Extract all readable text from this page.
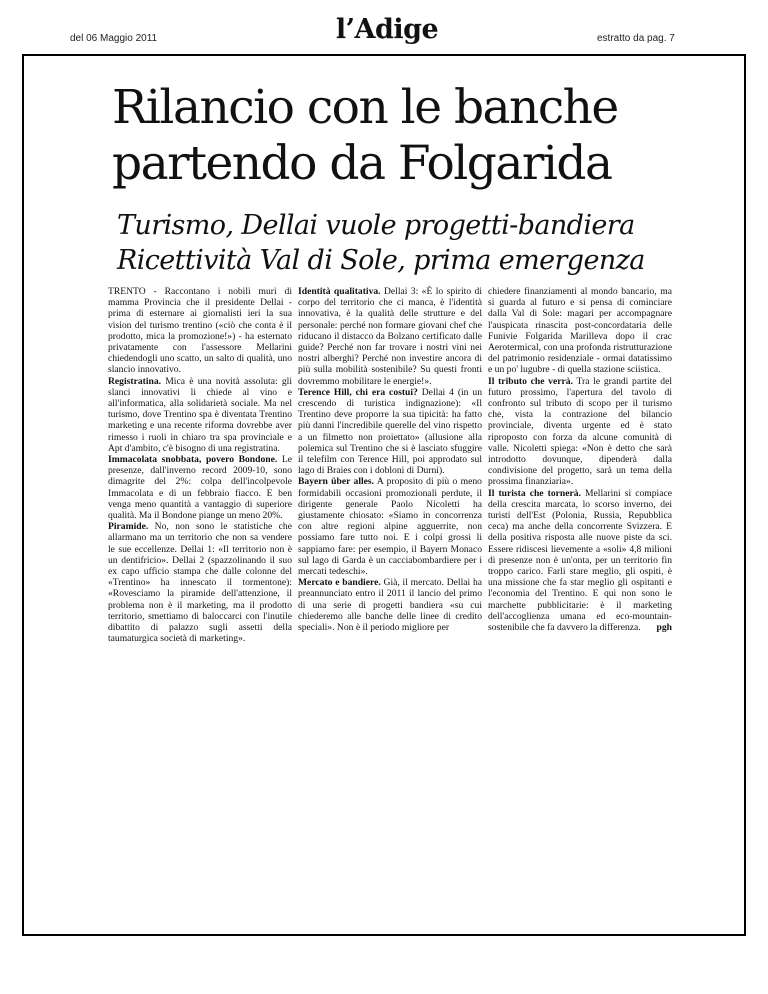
del 06 Maggio 2011	l’Adige	estratto da pag. 7
Rilancio con le banche
partendo da Folgarida
Turismo, Dellai vuole progetti-bandiera
Ricettività Val di Sole, prima emergenza

TRENTO - Raccontano i nobili muri di mamma Provincia che il presidente Dellai - prima di esternare ai giornalisti ieri la sua vision del turismo trentino («ciò che conta è il prodotto, mica la promozione!») - ha esternato privatamente con l'assessore Mellarini chiedendogli uno scatto, un salto di qualità, uno slancio innovativo.

Registratina. Mica è una novità assoluta: gli slanci innovativi li chiede al vino e all'informatica, alla solidarietà sociale. Ma nel turismo, dove Trentino spa è diventata Trentino marketing e una recente riforma dovrebbe aver rimesso i ruoli in chiaro tra spa provinciale e Apt d'ambito, c'è bisogno di una registratina.

Immacolata snobbata, povero Bondone. Le presenze, dall'inverno record 2009-10, sono dimagrite del 2%: colpa dell'incolpevole Immacolata e di un febbraio fiacco. E ben venga meno quantità a vantaggio di superiore qualità. Ma il Bondone piange un meno 20%.

Piramide. No, non sono le statistiche che allarmano ma un territorio che non sa vendere le sue eccellenze. Dellai 1: «Il territorio non è un dentifricio». Dellai 2 (spazzolinando il suo ex capo ufficio stampa che dalle colonne del «Trentino» ha innescato il tormentone): «Rovesciamo la piramide dell'attenzione, il problema non è il marketing, ma il prodotto territorio, smettiamo di baloccarci con l'inutile dibattito di palazzo sugli assetti della taumaturgica società di marketing».

Identità qualitativa. Dellai 3: «È lo spirito di corpo del territorio che ci manca, è l'identità innovativa, è la qualità delle strutture e del personale: perché non formare giovani chef che riducano il distacco da Bolzano certificato dalle guide? Perché non far trovare i nostri vini nei nostri alberghi? Perché non investire ancora di più sulla mobilità sostenibile? Su questi fronti dovremmo mobilitare le energie!».

Terence Hill, chi era costui? Dellai 4 (in un crescendo di turistica indignazione): «Il Trentino deve proporre la sua tipicità: ha fatto più danni l'incredibile querelle del vino rispetto a un filmetto non proiettato» (allusione alla polemica sul Trentino che si è lasciato sfuggire il telefilm con Terence Hill, poi approdato sul lago di Braies con i dobloni di Durnì).

Bayern über alles. A proposito di più o meno formidabili occasioni promozionali perdute, il dirigente generale Paolo Nicoletti ha giustamente chiosato: «Siamo in concorrenza con altre regioni alpine agguerrite, non possiamo fare tutto noi. E i colpi grossi li sappiamo fare: per esempio, il Bayern Monaco sul lago di Garda è un cacciabombardiere per i mercati tedeschi».

Mercato e bandiere. Già, il mercato. Dellai ha preannunciato entro il 2011 il lancio del primo di una serie di progetti bandiera «su cui chiederemo alle banche delle linee di credito speciali». Non è il periodo migliore per

chiedere finanziamenti al mondo bancario, ma si guarda al futuro e si pensa di cominciare dalla Val di Sole: magari per accompagnare l'auspicata rinascita post-concordataria delle Funivie Folgarida Marilleva dopo il crac Aerotermical, con una profonda ristrutturazione del patrimonio residenziale - ormai datatissimo e un po' lugubre - di quella stazione sciistica.

Il tributo che verrà. Tra le grandi partite del futuro prossimo, l'apertura del tavolo di confronto sul tributo di scopo per il turismo che, vista la contrazione del bilancio provinciale, diventa urgente ed è stato riproposto con forza da alcune comunità di valle. Nicoletti spiega: «Non è detto che sarà introdotto dovunque, dipenderà dalla condivisione del progetto, sarà un tema della prossima finanziaria».

Il turista che tornerà. Mellarini si compiace della crescita marcata, lo scorso inverno, dei turisti dell'Est (Polonia, Russia, Repubblica ceca) ma anche della concorrente Svizzera. E della positiva risposta alle nuove piste da sci. Essere ridiscesi lievemente a «soli» 4,8 milioni di presenze non è un'onta, per un territorio fin troppo carico. Farli stare meglio, gli ospiti, è una missione che fa star meglio gli ospitanti e l'economia del Trentino. E qui non sono le marchette pubblicitarie: è il marketing dell'accoglienza umana ed eco-mountain-sostenibile che fa davvero la differenza. pgh
